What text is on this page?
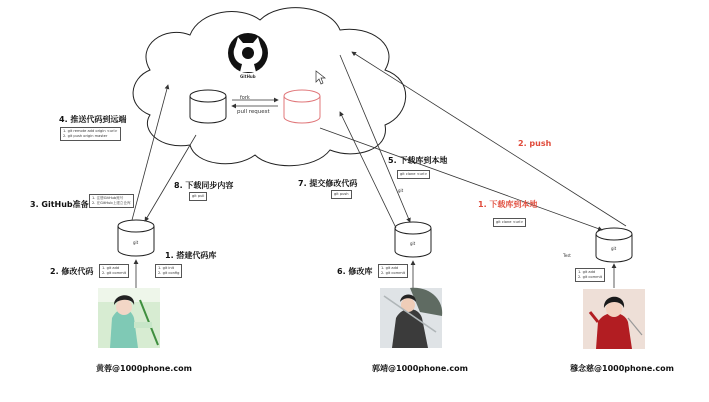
fork
pull request
GitHub
4. 推送代码到远端
3. GitHub准备
8. 下载同步内容
1. 搭建代码库
2. 修改代码
5. 下载库到本地
7. 提交修改代码
6. 修改库
2. push
1. 下载库到本地
1. git remote add origin <url>
2. git push origin master
1. 注册GitHub账号
2. 在GitHub上建立仓库
git pull
1. git init
2. git config
1. git add
2. git commit
git clone <url>
git push
1. git add
2. git commit
git clone <url>
1. git add
2. git commit
git	git
git
git
Test
黄蓉@1000phone.com	郭靖@1000phone.com	穆念慈@1000phone.com
